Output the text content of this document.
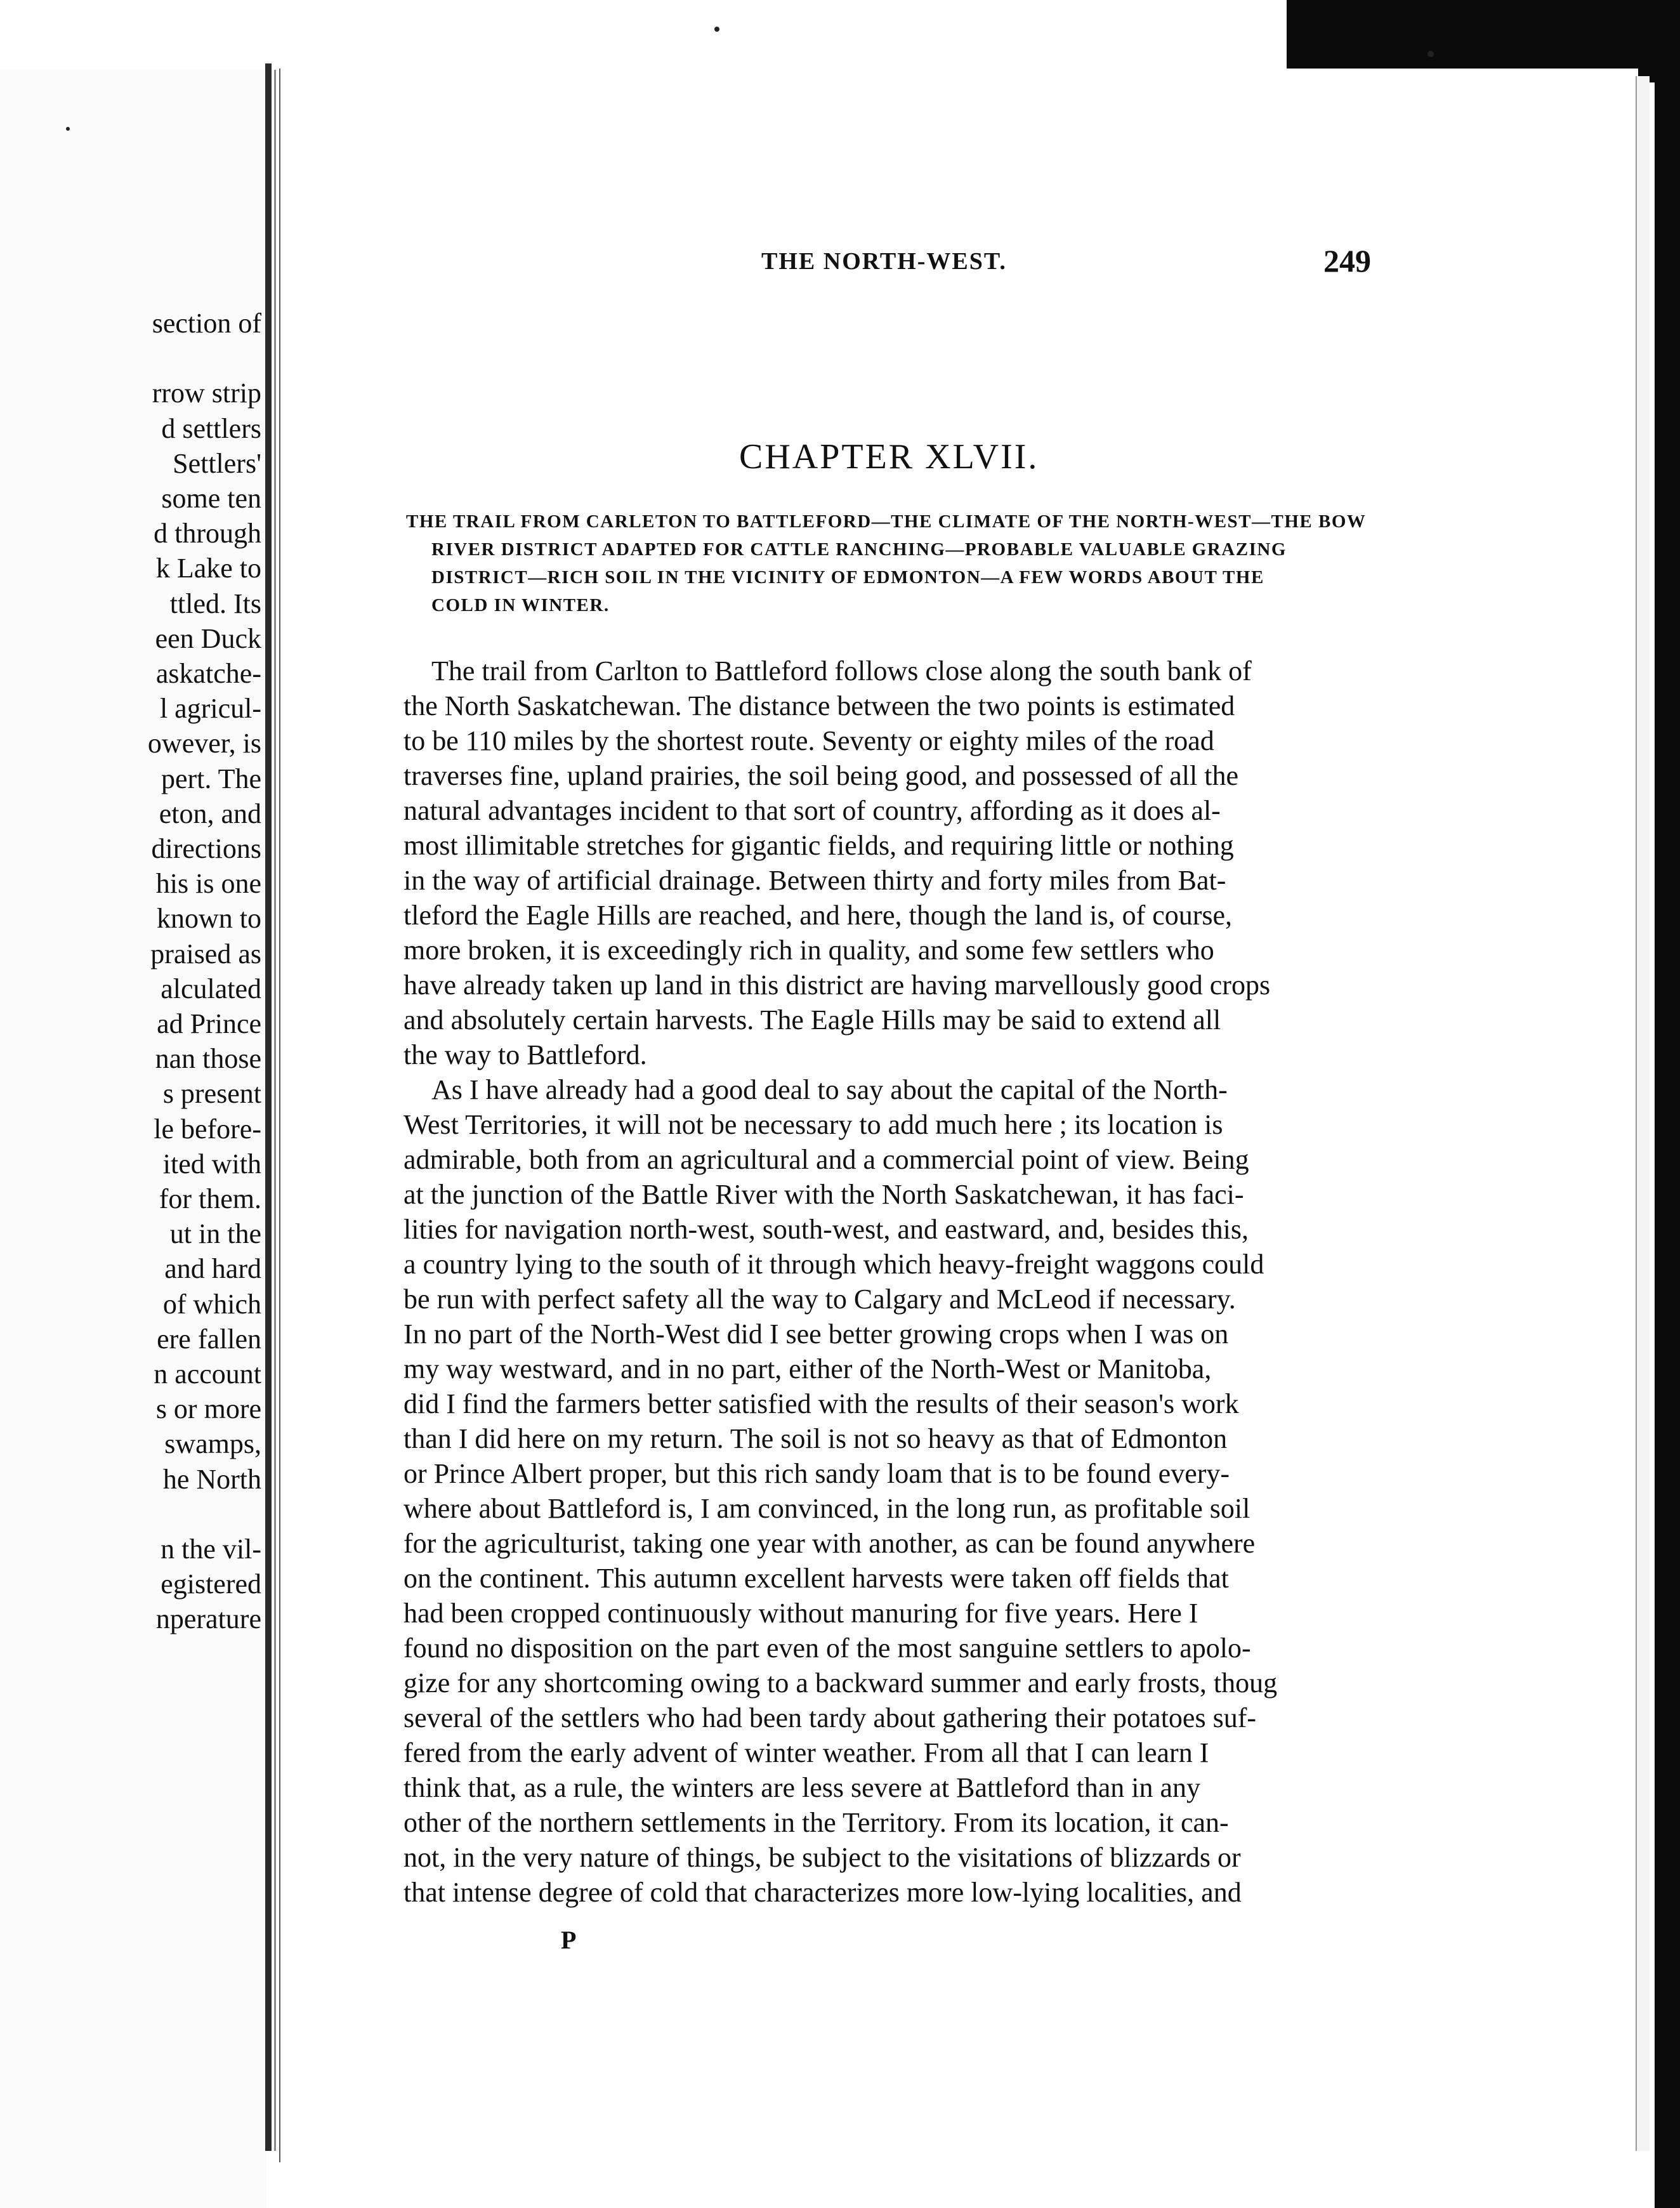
section of
rrow strip
d settlers
Settlers'
some ten
d through
k Lake to
ttled. Its
een Duck
askatche-
l agricul-
owever, is
pert. The
eton, and
directions
his is one
known to
praised as
alculated
ad Prince
nan those
s present
le before-
ited with
for them.
ut in the
and hard
of which
ere fallen
n account
s or more
swamps,
he North
n the vil-
egistered
nperature
THE NORTH-WEST.	249
CHAPTER XLVII.
THE TRAIL FROM CARLETON TO BATTLEFORD—THE CLIMATE OF THE NORTH-WEST—THE BOW
RIVER DISTRICT ADAPTED FOR CATTLE RANCHING—PROBABLE VALUABLE GRAZING
DISTRICT—RICH SOIL IN THE VICINITY OF EDMONTON—A FEW WORDS ABOUT THE
COLD IN WINTER.
The trail from Carlton to Battleford follows close along the south bank of
the North Saskatchewan. The distance between the two points is estimated
to be 110 miles by the shortest route. Seventy or eighty miles of the road
traverses fine, upland prairies, the soil being good, and possessed of all the
natural advantages incident to that sort of country, affording as it does al-
most illimitable stretches for gigantic fields, and requiring little or nothing
in the way of artificial drainage. Between thirty and forty miles from Bat-
tleford the Eagle Hills are reached, and here, though the land is, of course,
more broken, it is exceedingly rich in quality, and some few settlers who
have already taken up land in this district are having marvellously good crops
and absolutely certain harvests. The Eagle Hills may be said to extend all
the way to Battleford.
As I have already had a good deal to say about the capital of the North-
West Territories, it will not be necessary to add much here ; its location is
admirable, both from an agricultural and a commercial point of view. Being
at the junction of the Battle River with the North Saskatchewan, it has faci-
lities for navigation north-west, south-west, and eastward, and, besides this,
a country lying to the south of it through which heavy-freight waggons could
be run with perfect safety all the way to Calgary and McLeod if necessary.
In no part of the North-West did I see better growing crops when I was on
my way westward, and in no part, either of the North-West or Manitoba,
did I find the farmers better satisfied with the results of their season's work
than I did here on my return. The soil is not so heavy as that of Edmonton
or Prince Albert proper, but this rich sandy loam that is to be found every-
where about Battleford is, I am convinced, in the long run, as profitable soil
for the agriculturist, taking one year with another, as can be found anywhere
on the continent. This autumn excellent harvests were taken off fields that
had been cropped continuously without manuring for five years. Here I
found no disposition on the part even of the most sanguine settlers to apolo-
gize for any shortcoming owing to a backward summer and early frosts, thoug
several of the settlers who had been tardy about gathering their potatoes suf-
fered from the early advent of winter weather. From all that I can learn I
think that, as a rule, the winters are less severe at Battleford than in any
other of the northern settlements in the Territory. From its location, it can-
not, in the very nature of things, be subject to the visitations of blizzards or
that intense degree of cold that characterizes more low-lying localities, and
P
